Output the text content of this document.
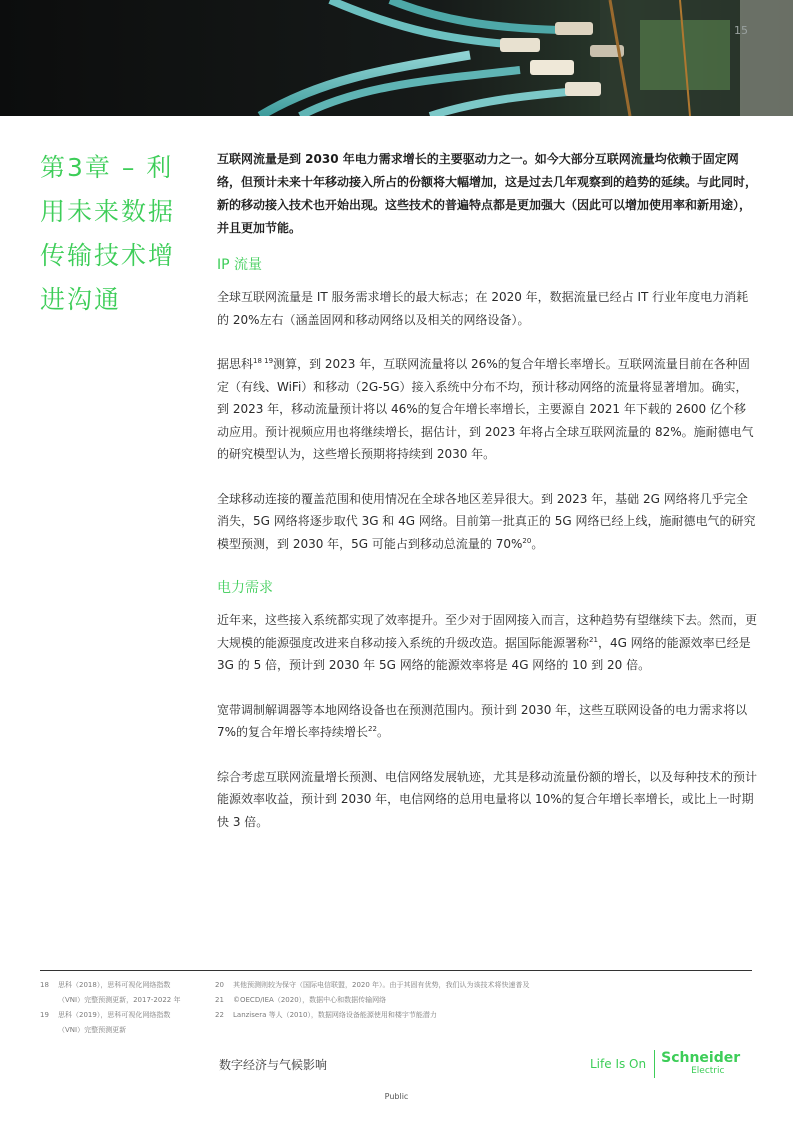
15
第3章 – 利用未来数据传输技术增进沟通

互联网流量是到 2030 年电力需求增长的主要驱动力之一。如今大部分互联网流量均依赖于固定网络，但预计未来十年移动接入所占的份额将大幅增加，这是过去几年观察到的趋势的延续。与此同时，新的移动接入技术也开始出现。这些技术的普遍特点都是更加强大（因此可以增加使用率和新用途），并且更加节能。

IP 流量

全球互联网流量是 IT 服务需求增长的最大标志；在 2020 年，数据流量已经占 IT 行业年度电力消耗的 20%左右（涵盖固网和移动网络以及相关的网络设备）。

据思科$^{18 19}$测算，到 2023 年，互联网流量将以 26%的复合年增长率增长。互联网流量目前在各种固定（有线、WiFi）和移动（2G-5G）接入系统中分布不均，预计移动网络的流量将显著增加。确实，到 2023 年，移动流量预计将以 46%的复合年增长率增长，主要源自 2021 年下载的 2600 亿个移动应用。预计视频应用也将继续增长，据估计，到 2023 年将占全球互联网流量的 82%。施耐德电气的研究模型认为，这些增长预期将持续到 2030 年。

全球移动连接的覆盖范围和使用情况在全球各地区差异很大。到 2023 年，基础 2G 网络将几乎完全消失，5G 网络将逐步取代 3G 和 4G 网络。目前第一批真正的 5G 网络已经上线，施耐德电气的研究模型预测，到 2030 年，5G 可能占到移动总流量的 70%$^{20}$。

电力需求

近年来，这些接入系统都实现了效率提升。至少对于固网接入而言，这种趋势有望继续下去。然而，更大规模的能源强度改进来自移动接入系统的升级改造。据国际能源署称$^{21}$，4G 网络的能源效率已经是 3G 的 5 倍，预计到 2030 年 5G 网络的能源效率将是 4G 网络的 10 到 20 倍。

宽带调制解调器等本地网络设备也在预测范围内。预计到 2030 年，这些互联网设备的电力需求将以 7%的复合年增长率持续增长$^{22}$。

综合考虑互联网流量增长预测、电信网络发展轨迹，尤其是移动流量份额的增长，以及每种技术的预计能源效率收益，预计到 2030 年，电信网络的总用电量将以 10%的复合年增长率增长，或比上一时期快 3 倍。

18	思科（2018），思科可视化网络指数
（VNI）完整预测更新，2017-2022 年
19	思科（2019），思科可视化网络指数
（VNI）完整预测更新
20	其他预测则较为保守（国际电信联盟，2020 年）。由于其固有优势，我们认为该技术将快速普及
21	©OECD/IEA（2020），数据中心和数据传输网络
22	Lanzisera 等人（2010），数据网络设备能源使用和楼宇节能潜力
数字经济与气候影响	Life Is On Schneider
Electric
Public
